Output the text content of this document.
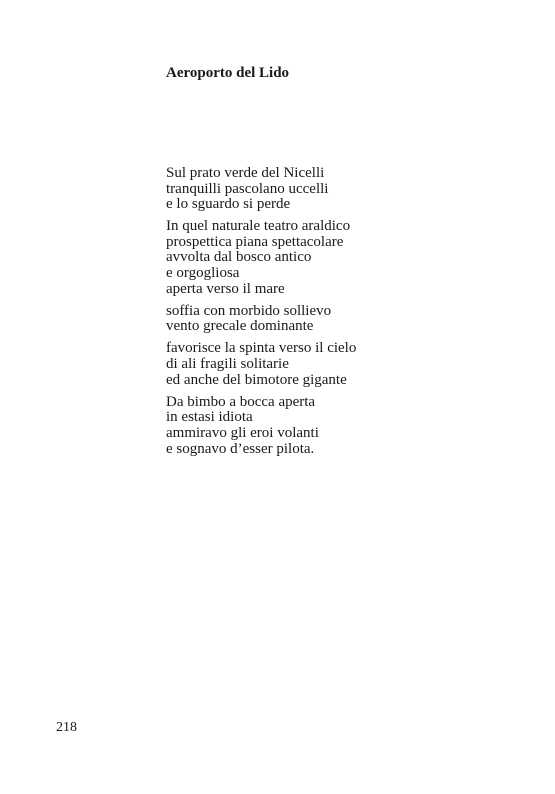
Aeroporto del Lido

Sul prato verde del Nicelli
tranquilli pascolano uccelli
e lo sguardo si perde

In quel naturale teatro araldico
prospettica piana spettacolare
avvolta dal bosco antico
e orgogliosa
aperta verso il mare

soffia con morbido sollievo
vento grecale dominante

favorisce la spinta verso il cielo
di ali fragili solitarie
ed anche del bimotore gigante

Da bimbo a bocca aperta
in estasi idiota
ammiravo gli eroi volanti
e sognavo d’esser pilota.

218
